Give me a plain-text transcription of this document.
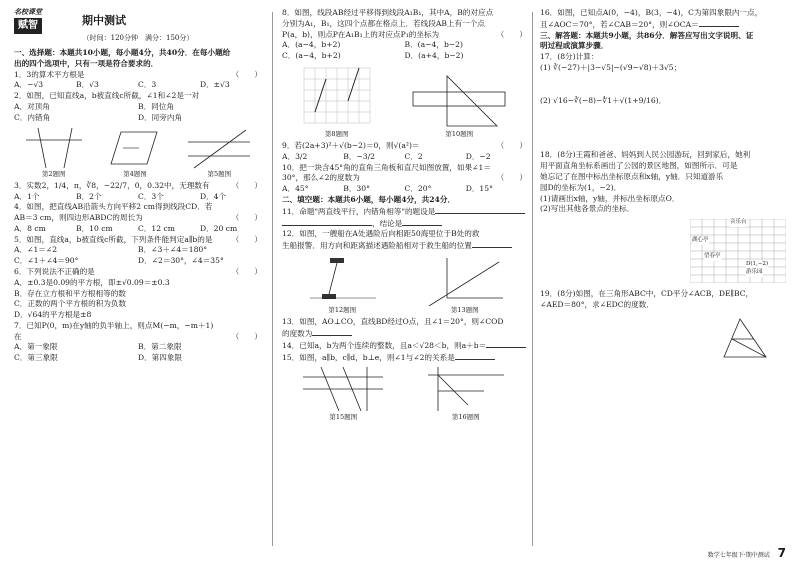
名校课堂
赋智	期中测试
（时间：120分钟　满分：150分）
一、选择题：本题共10小题，每小题4分，共40分．在每小题给
出的四个选项中，只有一项是符合要求的．
1．3的算术平方根是	（　　）
A．−√3	B．√3	C．3	D．±√3
2．如图，已知直线a，b被直线c所截，∠1和∠2是一对
A．对顶角	B．同位角
C．内错角	D．同旁内角
第2题图	第4题图	第5题图
3．实数2，1/4，π，∛8，−22/7，0，0.32中，无理数有	（　　）
A．1个	B．2个	C．3个	D．4个
4．如图，把直线AB沿箭头方向平移2 cm得到线段CD．若
AB＝3 cm，则四边形ABDC的周长为	（　　）
A．8 cm	B．10 cm	C．12 cm	D．20 cm
5．如图，直线a，b被直线c所截，下列条件能判定a∥b的是	（　　）
A．∠1＝∠2	B．∠3＋∠4＝180°
C．∠1＋∠4＝90°	D．∠2＝30°，∠4＝35°
6．下列说法不正确的是	（　　）
A．±0.3是0.09的平方根，即±√0.09＝±0.3
B．存在立方根和平方根相等的数
C．正数的两个平方根的积为负数
D．√64的平方根是±8
7．已知P(0，m)在y轴的负半轴上，则点M(−m，−m＋1)
在	（　　）
A．第一象限	B．第二象限
C．第三象限	D．第四象限
8．如图，线段AB经过平移得到线段A₁B₁，其中A，B的对应点
分别为A₁，B₁，这四个点都在格点上．若线段AB上有一个点
P(a，b)，则点P在A₁B₁上的对应点P₁的坐标为	（　　）
A．(a−4，b+2)	B．(a−4，b−2)
C．(a−4，b+2)	D．(a+4，b−2)
第8题图	第10题图
9．若(2a+3)²＋√(b−2)＝0，则√(a²)＝	（　　）
A．3/2	B．−3/2	C．2	D．−2
10．把一块含45°角的直角三角板和直尺如图放置，如果∠1＝
30°，那么∠2的度数为	（　　）
A．45°	B．30°	C．20°	D．15°
二、填空题：本题共6小题，每小题4分，共24分．
11．命题"两直线平行，内错角相等"的题设是
，结论是
12．如图，一艘船在A处遇险后向相距50海里位于B处的救
生船报警．用方向和距离描述遇险船相对于救生船的位置
第12题图	第13题图
13．如图，AO⊥CO，直线BD经过O点，且∠1＝20°，则∠COD
的度数为
14．已知a，b为两个连续的整数，且a＜√28＜b，则a＋b＝
15．如图，a∥b，c∥d，b⊥e，则∠1与∠2的关系是
第15题图	第16题图
16．如图，已知点A(0，−4)，B(3，−4)，C为第四象限内一点，
且∠AOC＝70°，若∠CAB＝20°，则∠OCA＝
三、解答题：本题共9小题，共86分．解答应写出文字说明、证
明过程或演算步骤．
17．(8分)计算：
(1) ∛(−27)＋|3−√5|−(√9−√8)＋3√5；
(2) √16−∛(−8)−∜1＋√(1+9/16)．
18．(8分)王霞和爸爸、妈妈到人民公园游玩，回到家后，她利
用平面直角坐标系画出了公园的景区地图，如图所示．可是
她忘记了在图中标出坐标原点和x轴，y轴．只知道游乐
园D的坐标为(1，−2)．
(1)请画出x轴，y轴，并标出坐标原点O．
(2)写出其他各景点的坐标．
音乐台
湖心亭
望春亭
D(1,−2)
游乐园
19．(8分)如图，在三角形ABC中，CD平分∠ACB，DE∥BC，
∠AED＝80°，求∠EDC的度数．
数学七年级下·期中测试 7
